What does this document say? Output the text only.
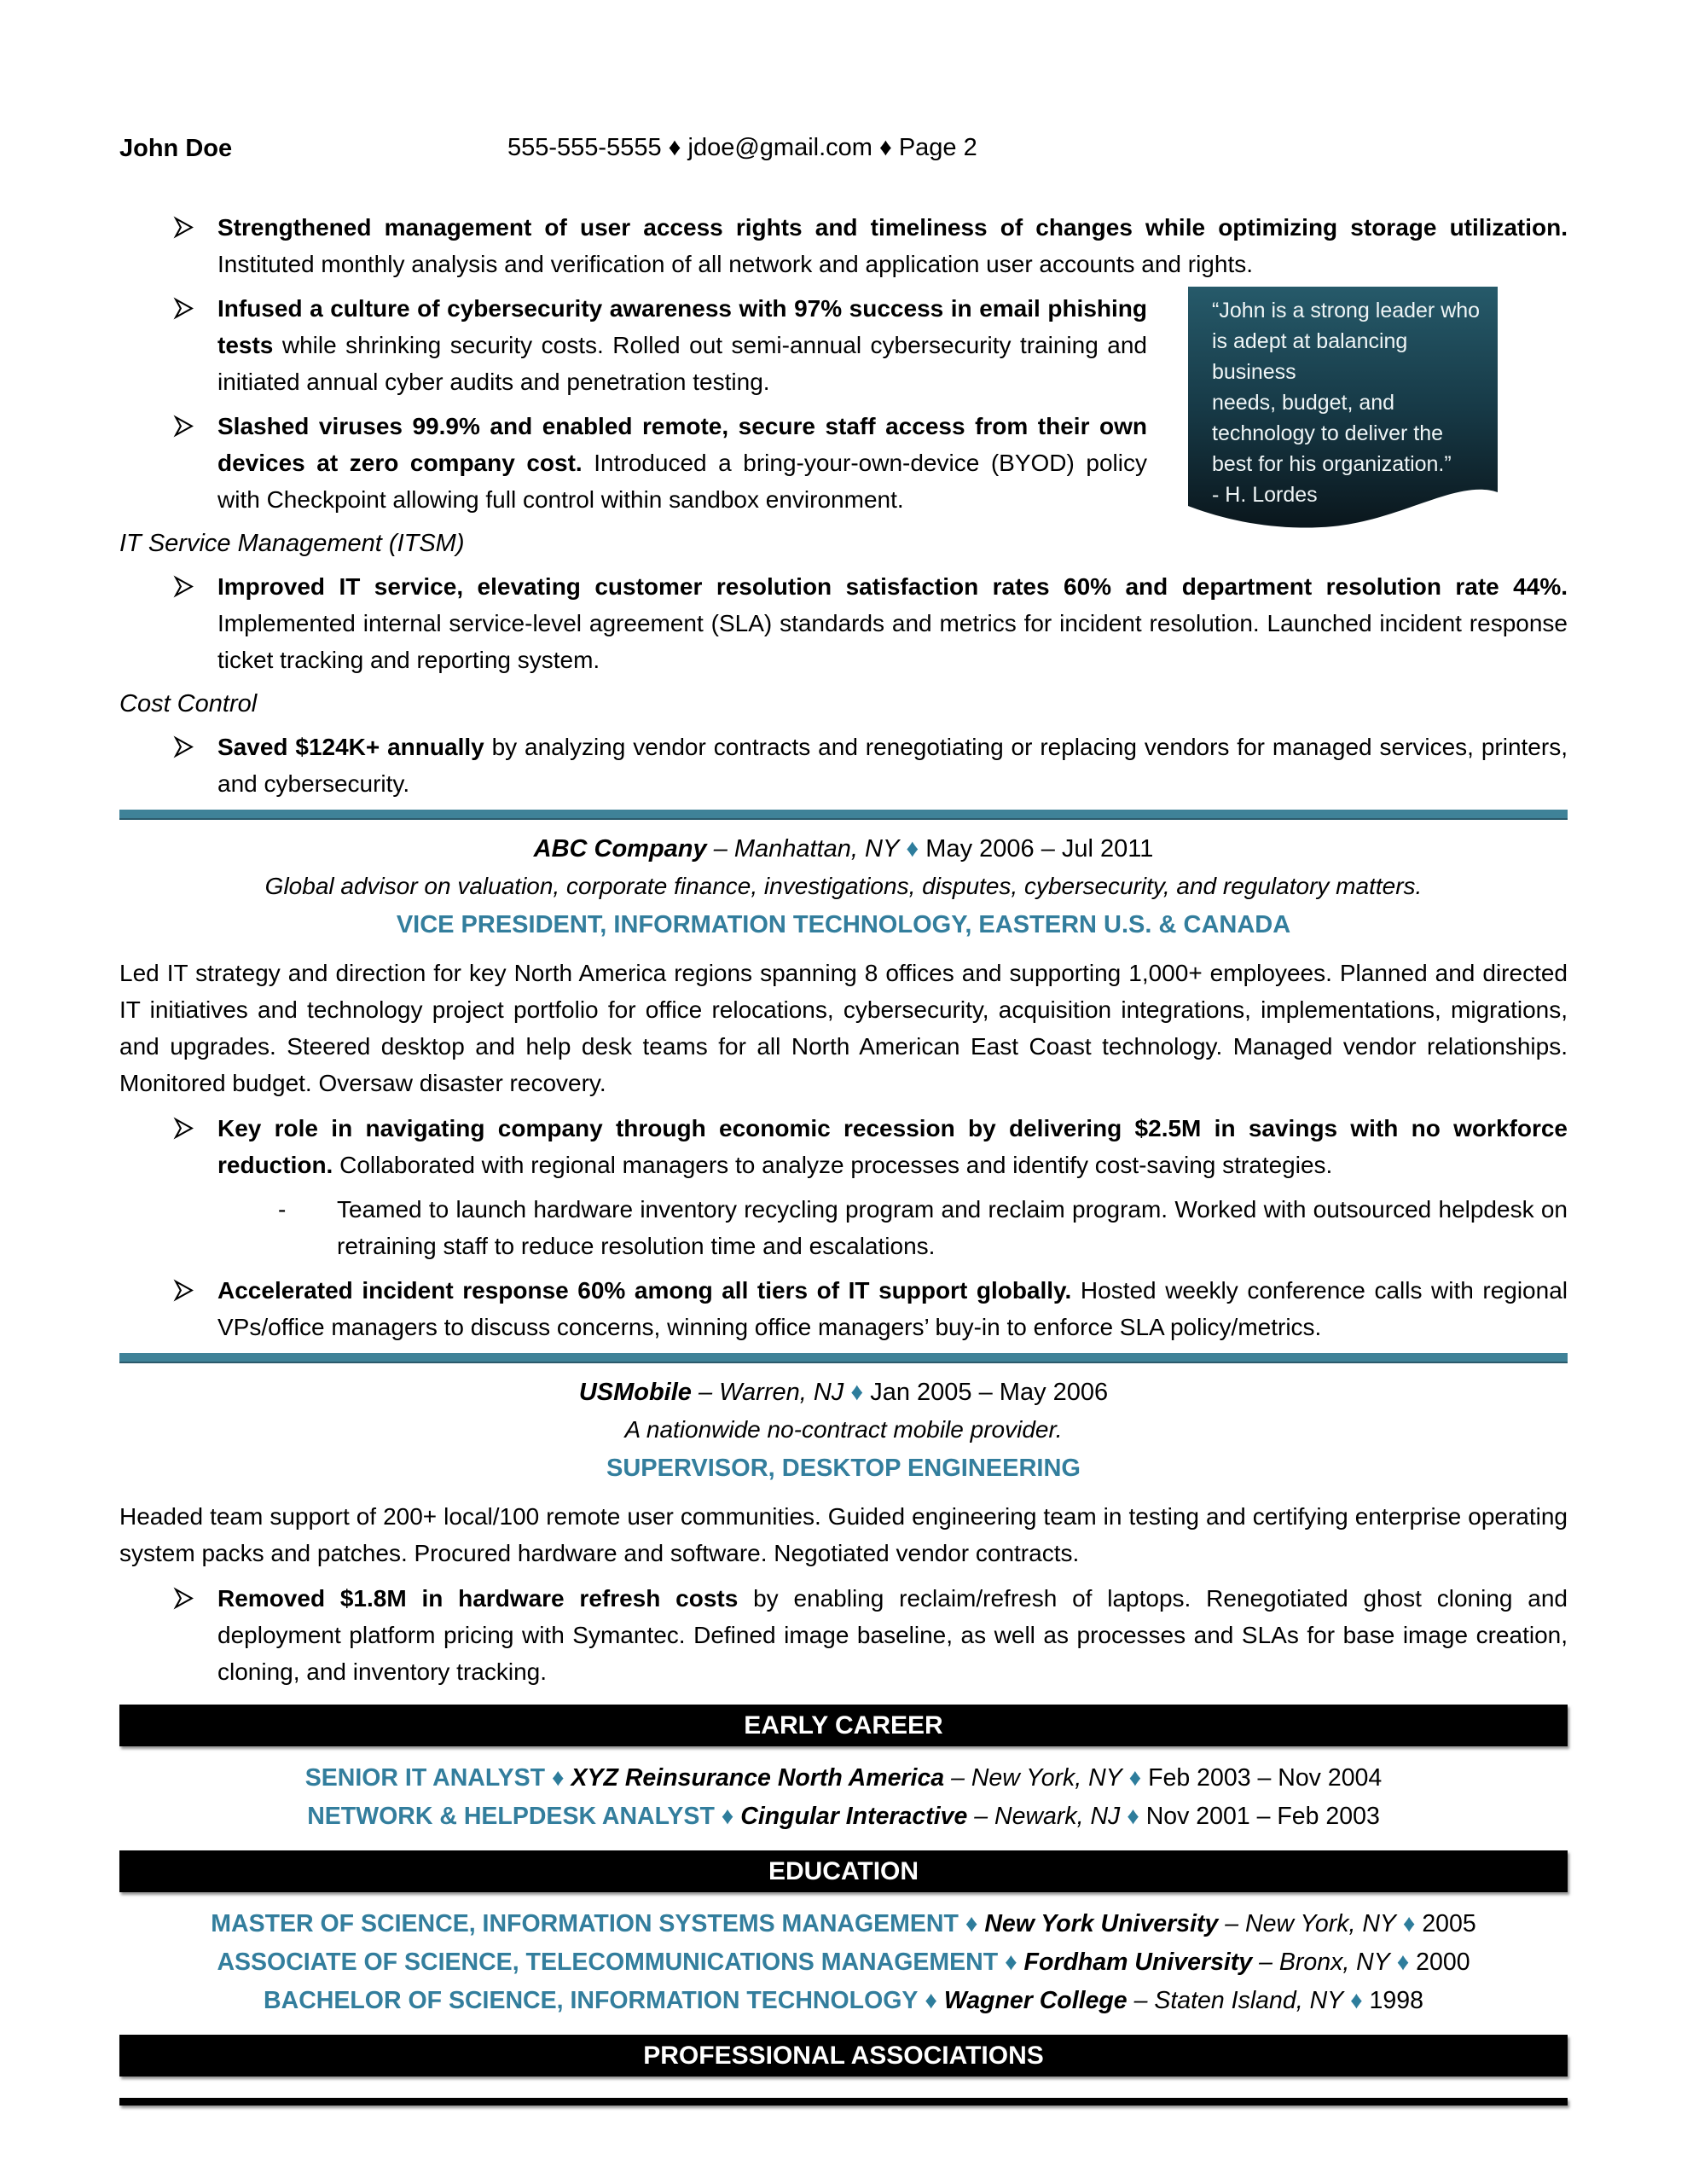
John Doe	555-555-5555 ♦ jdoe@gmail.com ♦ Page 2
“John is a strong leader who
is adept at balancing business
needs, budget, and
technology to deliver the
best for his organization.”
- H. Lordes
Strengthened management of user access rights and timeliness of changes while optimizing storage utilization. Instituted monthly analysis and verification of all network and application user accounts and rights.
Infused a culture of cybersecurity awareness with 97% success in email phishing tests while shrinking security costs. Rolled out semi-annual cybersecurity training and initiated annual cyber audits and penetration testing.
Slashed viruses 99.9% and enabled remote, secure staff access from their own devices at zero company cost. Introduced a bring-your-own-device (BYOD) policy with Checkpoint allowing full control within sandbox environment.
IT Service Management (ITSM)
Improved IT service, elevating customer resolution satisfaction rates 60% and department resolution rate 44%. Implemented internal service-level agreement (SLA) standards and metrics for incident resolution. Launched incident response ticket tracking and reporting system.
Cost Control
Saved $124K+ annually by analyzing vendor contracts and renegotiating or replacing vendors for managed services, printers, and cybersecurity.
ABC Company – Manhattan, NY ♦ May 2006 – Jul 2011
Global advisor on valuation, corporate finance, investigations, disputes, cybersecurity, and regulatory matters.
VICE PRESIDENT, INFORMATION TECHNOLOGY, EASTERN U.S. & CANADA

Led IT strategy and direction for key North America regions spanning 8 offices and supporting 1,000+ employees. Planned and directed IT initiatives and technology project portfolio for office relocations, cybersecurity, acquisition integrations, implementations, migrations, and upgrades. Steered desktop and help desk teams for all North American East Coast technology. Managed vendor relationships. Monitored budget. Oversaw disaster recovery.

Key role in navigating company through economic recession by delivering $2.5M in savings with no workforce reduction. Collaborated with regional managers to analyze processes and identify cost-saving strategies.
- Teamed to launch hardware inventory recycling program and reclaim program. Worked with outsourced helpdesk on retraining staff to reduce resolution time and escalations.
Accelerated incident response 60% among all tiers of IT support globally. Hosted weekly conference calls with regional VPs/office managers to discuss concerns, winning office managers’ buy-in to enforce SLA policy/metrics.
USMobile – Warren, NJ ♦ Jan 2005 – May 2006
A nationwide no-contract mobile provider.
SUPERVISOR, DESKTOP ENGINEERING

Headed team support of 200+ local/100 remote user communities. Guided engineering team in testing and certifying enterprise operating system packs and patches. Procured hardware and software. Negotiated vendor contracts.

Removed $1.8M in hardware refresh costs by enabling reclaim/refresh of laptops. Renegotiated ghost cloning and deployment platform pricing with Symantec. Defined image baseline, as well as processes and SLAs for base image creation, cloning, and inventory tracking.
EARLY CAREER
SENIOR IT ANALYST ♦ XYZ Reinsurance North America – New York, NY ♦ Feb 2003 – Nov 2004
NETWORK & HELPDESK ANALYST ♦ Cingular Interactive – Newark, NJ ♦ Nov 2001 – Feb 2003
EDUCATION
MASTER OF SCIENCE, INFORMATION SYSTEMS MANAGEMENT ♦ New York University – New York, NY ♦ 2005
ASSOCIATE OF SCIENCE, TELECOMMUNICATIONS MANAGEMENT ♦ Fordham University – Bronx, NY ♦ 2000
BACHELOR OF SCIENCE, INFORMATION TECHNOLOGY ♦ Wagner College – Staten Island, NY ♦ 1998
PROFESSIONAL ASSOCIATIONS
